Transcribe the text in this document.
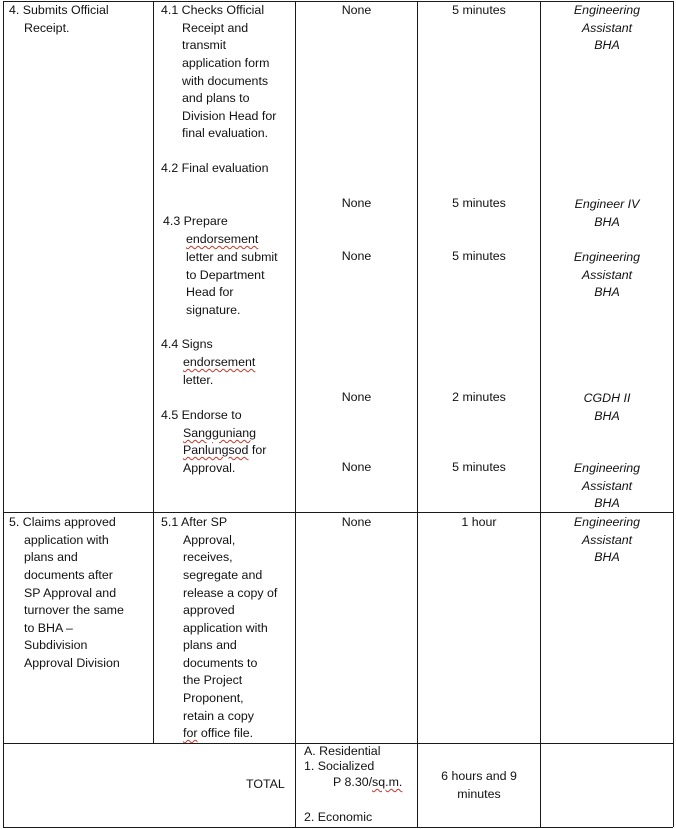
4. Submits Official
Receipt.
4.1 Checks Official
Receipt and
transmit
application form
with documents
and plans to
Division Head for
final evaluation.
4.2 Final evaluation
4.3 Prepare
endorsement
letter and submit
to Department
Head for
signature.
4.4 Signs
endorsement
letter.
4.5 Endorse to
Sangguniang
Panlungsod for
Approval.
None
None
None
None
None
5 minutes
5 minutes
5 minutes
2 minutes
5 minutes
Engineering
Assistant
BHA
Engineer IV
BHA
Engineering
Assistant
BHA
CGDH II
BHA
Engineering
Assistant
BHA
5. Claims approved
application with
plans and
documents after
SP Approval and
turnover the same
to BHA –
Subdivision
Approval Division
5.1 After SP
Approval,
receives,
segregate and
release a copy of
approved
application with
plans and
documents to
the Project
Proponent,
retain a copy
for office file.
None	1 hour	Engineering
Assistant
BHA
TOTAL
A. Residential
1. Socialized
P 8.30/sq.m.
2. Economic
6 hours and 9
minutes
